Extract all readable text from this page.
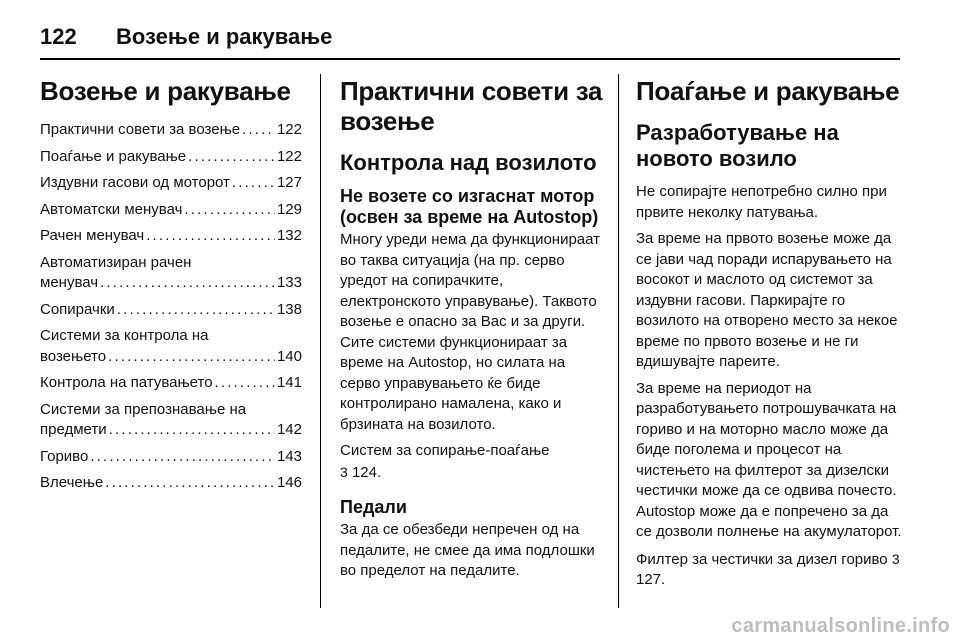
122	Возење и ракување
Возење и ракување
Практични совети за возење . . . 122
Поаѓање и ракување . . .	122
Издувни гасови од моторот . . .	127
Автоматски менувач . . .	129
Рачен менувач . . .	132
Автоматизиран рачен
менувач . . .	133
Сопирачки . . .	138
Системи за контрола на
возењето . . .	140
Контрола на патувањето . . .	141
Системи за препознавање на
предмети . . .	142
Гориво . . .	143
Влечење . . .	146
Практични совети за возење
Контрола над возилото
Не возете со изгаснат мотор (освен за време на Autostop)

Многу уреди нема да функционираат во таква ситуација (на пр. серво уредот на сопирачките, електронското управување). Таквото возење е опасно за Вас и за други. Сите системи функционираат за време на Autostop, но силата на серво управувањето ќе биде контролирано намалена, како и брзината на возилото.

Систем за сопирање-поаѓање
3 124.

Педали

За да се обезбеди непречен од на педалите, не смее да има подлошки во пределот на педалите.

Поаѓање и ракување
Разработување на новото возило

Не сопирајте непотребно силно при првите неколку патувања.

За време на првото возење може да се јави чад поради испарувањето на восокот и маслото од системот за издувни гасови. Паркирајте го возилото на отворено место за некое време по првото возење и не ги вдишувајте пареите.

За време на периодот на разработувањето потрошувачката на гориво и на моторно масло може да биде поголема и процесот на чистењето на филтерот за дизелски честички може да се одвива почесто. Autostop може да е попречено за да се дозволи полнење на акумулаторот.

Филтер за честички за дизел гориво 3 127.

carmanualsonline.info
